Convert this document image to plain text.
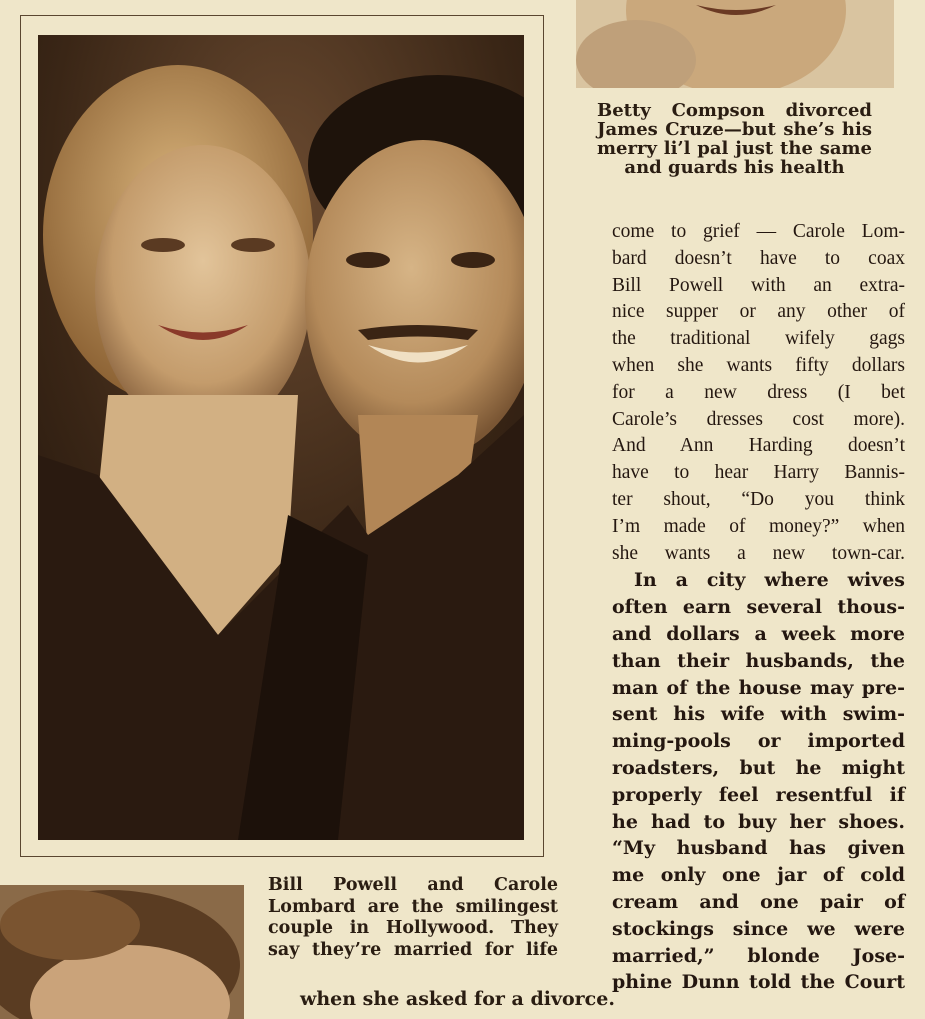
Betty Compson divorced
James Cruze—but she’s his
merry li’l pal just the same
and guards his health
Bill Powell and Carole
Lombard are the smilingest
couple in Hollywood. They
say they’re married for life
come to grief — Carole Lom-
bard doesn’t have to coax
Bill Powell with an extra-
nice supper or any other of
the traditional wifely gags
when she wants fifty dollars
for a new dress (I bet
Carole’s dresses cost more).
And Ann Harding doesn’t
have to hear Harry Bannis-
ter shout, “Do you think
I’m made of money?” when
she wants a new town-car.
In a city where wives
often earn several thous-
and dollars a week more
than their husbands, the
man of the house may pre-
sent his wife with swim-
ming-pools or imported
roadsters, but he might
properly feel resentful if
he had to buy her shoes.
“My husband has given
me only one jar of cold
cream and one pair of
stockings since we were
married,” blonde Jose-
phine Dunn told the Court
when she asked for a divorce.
